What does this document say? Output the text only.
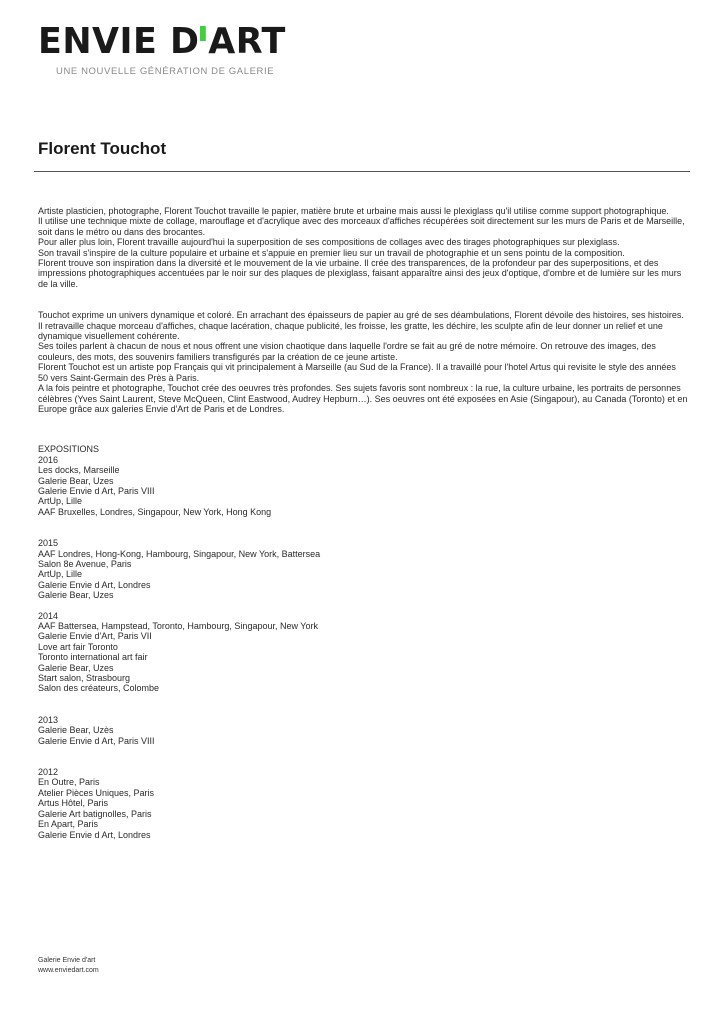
ENVIE D ART
UNE NOUVELLE GÉNÉRATION DE GALERIE
Florent Touchot

Artiste plasticien, photographe, Florent Touchot travaille le papier, matière brute et urbaine mais aussi le plexiglass qu'il utilise comme support photographique.

Il utilise une technique mixte de collage, marouflage et d'acrylique avec des morceaux d'affiches récupérées soit directement sur les murs de Paris et de Marseille, soit dans le métro ou dans des brocantes.

Pour aller plus loin, Florent travaille aujourd'hui la superposition de ses compositions de collages avec des tirages photographiques sur plexiglass.

Son travail s'inspire de la culture populaire et urbaine et s'appuie en premier lieu sur un travail de photographie et un sens pointu de la composition.

Florent trouve son inspiration dans la diversité et le mouvement de la vie urbaine. Il crée des transparences, de la profondeur par des superpositions, et des impressions photographiques accentuées par le noir sur des plaques de plexiglass, faisant apparaître ainsi des jeux d'optique, d'ombre et de lumière sur les murs de la ville.

Touchot exprime un univers dynamique et coloré. En arrachant des épaisseurs de papier au gré de ses déambulations, Florent dévoile des histoires, ses histoires. Il retravaille chaque morceau d'affiches, chaque lacération, chaque publicité, les froisse, les gratte, les déchire, les sculpte afin de leur donner un relief et une dynamique visuellement cohérente.

Ses toiles parlent à chacun de nous et nous offrent une vision chaotique dans laquelle l'ordre se fait au gré de notre mémoire. On retrouve des images, des couleurs, des mots, des souvenirs familiers transfigurés par la création de ce jeune artiste.

Florent Touchot est un artiste pop Français qui vit principalement à Marseille (au Sud de la France). Il a travaillé pour l'hotel Artus qui revisite le style des années 50 vers Saint-Germain des Près à Paris.

A la fois peintre et photographe, Touchot crée des oeuvres très profondes. Ses sujets favoris sont nombreux : la rue, la culture urbaine, les portraits de personnes célèbres (Yves Saint Laurent, Steve McQueen, Clint Eastwood, Audrey Hepburn…). Ses oeuvres ont été exposées en Asie (Singapour), au Canada (Toronto) et en Europe grâce aux galeries Envie d'Art de Paris et de Londres.

EXPOSITIONS

2016

Les docks, Marseille

Galerie Bear, Uzes

Galerie Envie d Art, Paris VIII

ArtUp, Lille

AAF Bruxelles, Londres, Singapour, New York, Hong Kong

2015

AAF Londres, Hong-Kong, Hambourg, Singapour, New York, Battersea

Salon 8e Avenue, Paris

ArtUp, Lille

Galerie Envie d Art, Londres

Galerie Bear, Uzes

2014

AAF Battersea, Hampstead, Toronto, Hambourg, Singapour, New York

Galerie Envie d'Art, Paris VII

Love art fair Toronto

Toronto international art fair

Galerie Bear, Uzes

Start salon, Strasbourg

Salon des créateurs, Colombe

2013

Galerie Bear, Uzès

Galerie Envie d Art, Paris VIII

2012

En Outre, Paris

Atelier Pièces Uniques, Paris

Artus Hôtel, Paris

Galerie Art batignolles, Paris

En Apart, Paris

Galerie Envie d Art, Londres

Galerie Envie d'art
www.enviedart.com
